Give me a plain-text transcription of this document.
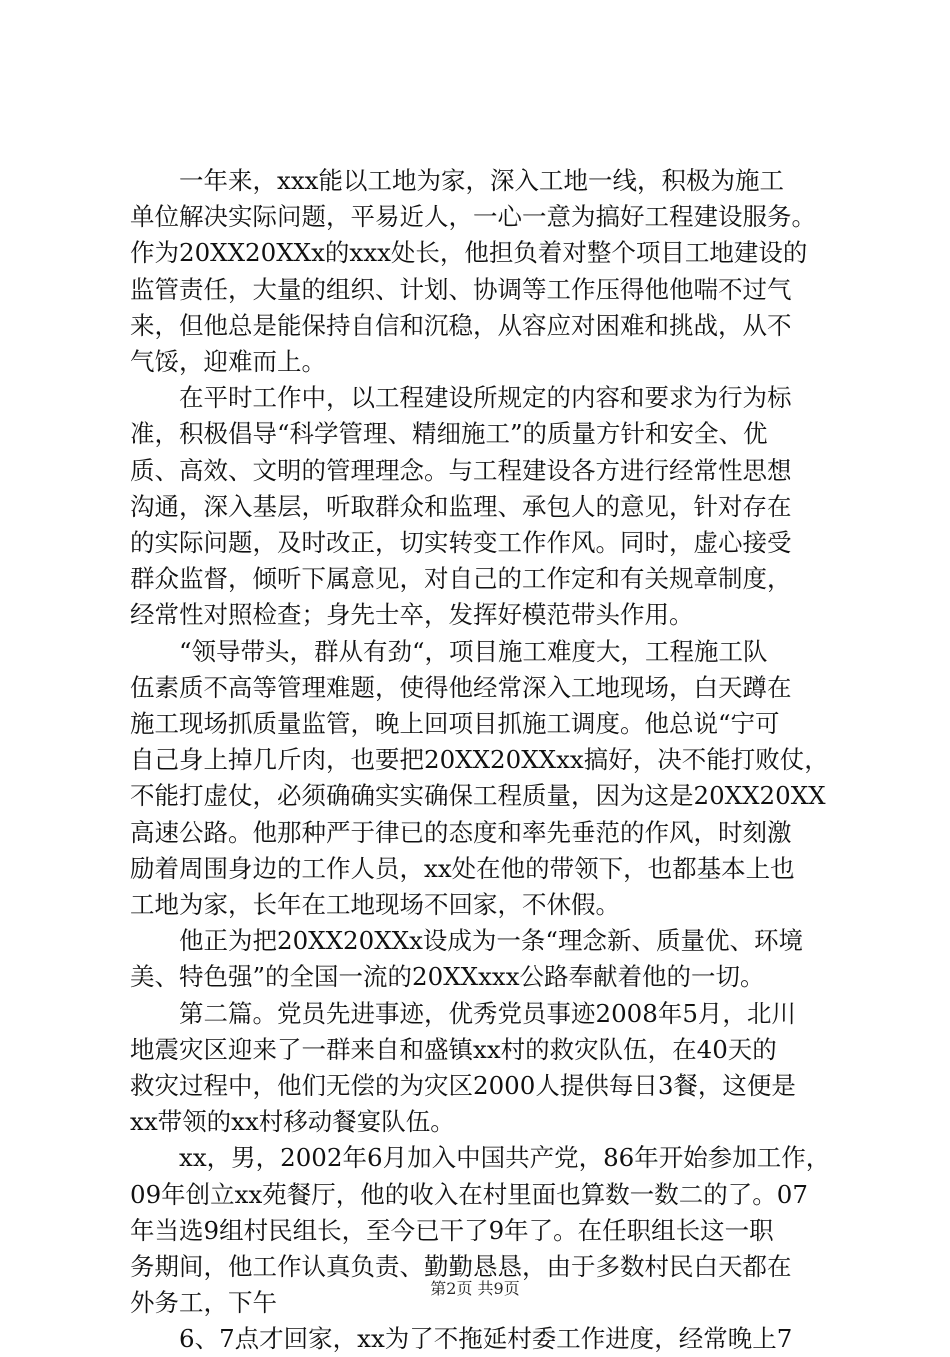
　　一年来，xxx能以工地为家，深入工地一线，积极为施工
单位解决实际问题，平易近人，一心一意为搞好工程建设服务。
作为20XX20XXx的xxx处长，他担负着对整个项目工地建设的
监管责任，大量的组织、计划、协调等工作压得他他喘不过气
来，但他总是能保持自信和沉稳，从容应对困难和挑战，从不
气馁，迎难而上。
　　在平时工作中，以工程建设所规定的内容和要求为行为标
准，积极倡导“科学管理、精细施工”的质量方针和安全、优
质、高效、文明的管理理念。与工程建设各方进行经常性思想
沟通，深入基层，听取群众和监理、承包人的意见，针对存在
的实际问题，及时改正，切实转变工作作风。同时，虚心接受
群众监督，倾听下属意见，对自己的工作定和有关规章制度，
经常性对照检查；身先士卒，发挥好模范带头作用。
　　“领导带头，群从有劲“，项目施工难度大，工程施工队
伍素质不高等管理难题，使得他经常深入工地现场，白天蹲在
施工现场抓质量监管，晚上回项目抓施工调度。他总说“宁可
自己身上掉几斤肉，也要把20XX20XXxx搞好，决不能打败仗，
不能打虚仗，必须确确实实确保工程质量，因为这是20XX20XX
高速公路。他那种严于律已的态度和率先垂范的作风，时刻激
励着周围身边的工作人员，xx处在他的带领下，也都基本上也
工地为家，长年在工地现场不回家，不休假。
　　他正为把20XX20XXx设成为一条“理念新、质量优、环境
美、特色强”的全国一流的20XXxxx公路奉献着他的一切。
　　第二篇。党员先进事迹，优秀党员事迹2008年5月，北川
地震灾区迎来了一群来自和盛镇xx村的救灾队伍，在40天的
救灾过程中，他们无偿的为灾区2000人提供每日3餐，这便是
xx带领的xx村移动餐宴队伍。
　　xx，男，2002年6月加入中国共产党，86年开始参加工作，
09年创立xx苑餐厅，他的收入在村里面也算数一数二的了。07
年当选9组村民组长，至今已干了9年了。在任职组长这一职
务期间，他工作认真负责、勤勤恳恳，由于多数村民白天都在
外务工，下午
　　6、7点才回家，xx为了不拖延村委工作进度，经常晚上7
第2页 共9页
